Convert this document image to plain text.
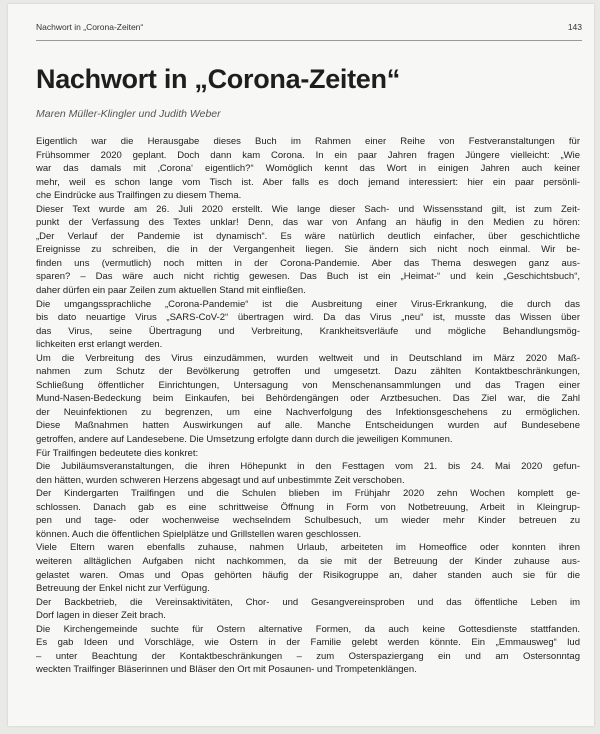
Nachwort in „Corona-Zeiten“	143
Nachwort in „Corona-Zeiten“
Maren Müller-Klingler und Judith Weber
Eigentlich war die Herausgabe dieses Buch im Rahmen einer Reihe von Festveranstaltungen für
Frühsommer 2020 geplant. Doch dann kam Corona. In ein paar Jahren fragen Jüngere vielleicht: „Wie
war das damals mit ‚Corona‘ eigentlich?“ Womöglich kennt das Wort in einigen Jahren auch keiner
mehr, weil es schon lange vom Tisch ist. Aber falls es doch jemand interessiert: hier ein paar persönli-
che Eindrücke aus Trailfingen zu diesem Thema.
Dieser Text wurde am 26. Juli 2020 erstellt. Wie lange dieser Sach- und Wissensstand gilt, ist zum Zeit-
punkt der Verfassung des Textes unklar! Denn, das war von Anfang an häufig in den Medien zu hören:
„Der Verlauf der Pandemie ist dynamisch“. Es wäre natürlich deutlich einfacher, über geschichtliche
Ereignisse zu schreiben, die in der Vergangenheit liegen. Sie ändern sich nicht noch einmal. Wir be-
finden uns (vermutlich) noch mitten in der Corona-Pandemie. Aber das Thema deswegen ganz aus-
sparen? – Das wäre auch nicht richtig gewesen. Das Buch ist ein „Heimat-“ und kein „Geschichtsbuch“,
daher dürfen ein paar Zeilen zum aktuellen Stand mit einfließen.
Die umgangssprachliche „Corona-Pandemie“ ist die Ausbreitung einer Virus-Erkrankung, die durch das
bis dato neuartige Virus „SARS-CoV-2“ übertragen wird. Da das Virus „neu“ ist, musste das Wissen über
das Virus, seine Übertragung und Verbreitung, Krankheitsverläufe und mögliche Behandlungsmög-
lichkeiten erst erlangt werden.
Um die Verbreitung des Virus einzudämmen, wurden weltweit und in Deutschland im März 2020 Maß-
nahmen zum Schutz der Bevölkerung getroffen und umgesetzt. Dazu zählten Kontaktbeschränkungen,
Schließung öffentlicher Einrichtungen, Untersagung von Menschenansammlungen und das Tragen einer
Mund-Nasen-Bedeckung beim Einkaufen, bei Behördengängen oder Arztbesuchen. Das Ziel war, die Zahl
der Neuinfektionen zu begrenzen, um eine Nachverfolgung des Infektionsgeschehens zu ermöglichen.
Diese Maßnahmen hatten Auswirkungen auf alle. Manche Entscheidungen wurden auf Bundesebene
getroffen, andere auf Landesebene. Die Umsetzung erfolgte dann durch die jeweiligen Kommunen.
Für Trailfingen bedeutete dies konkret:
Die Jubiläumsveranstaltungen, die ihren Höhepunkt in den Festtagen vom 21. bis 24. Mai 2020 gefun-
den hätten, wurden schweren Herzens abgesagt und auf unbestimmte Zeit verschoben.
Der Kindergarten Trailfingen und die Schulen blieben im Frühjahr 2020 zehn Wochen komplett ge-
schlossen. Danach gab es eine schrittweise Öffnung in Form von Notbetreuung, Arbeit in Kleingrup-
pen und tage- oder wochenweise wechselndem Schulbesuch, um wieder mehr Kinder betreuen zu
können. Auch die öffentlichen Spielplätze und Grillstellen waren geschlossen.
Viele Eltern waren ebenfalls zuhause, nahmen Urlaub, arbeiteten im Homeoffice oder konnten ihren
weiteren alltäglichen Aufgaben nicht nachkommen, da sie mit der Betreuung der Kinder zuhause aus-
gelastet waren. Omas und Opas gehörten häufig der Risikogruppe an, daher standen auch sie für die
Betreuung der Enkel nicht zur Verfügung.
Der Backbetrieb, die Vereinsaktivitäten, Chor- und Gesangvereinsproben und das öffentliche Leben im
Dorf lagen in dieser Zeit brach.
Die Kirchengemeinde suchte für Ostern alternative Formen, da auch keine Gottesdienste stattfanden.
Es gab Ideen und Vorschläge, wie Ostern in der Familie gelebt werden könnte. Ein „Emmausweg“ lud
– unter Beachtung der Kontaktbeschränkungen – zum Osterspaziergang ein und am Ostersonntag
weckten Trailfinger Bläserinnen und Bläser den Ort mit Posaunen- und Trompetenklängen.
